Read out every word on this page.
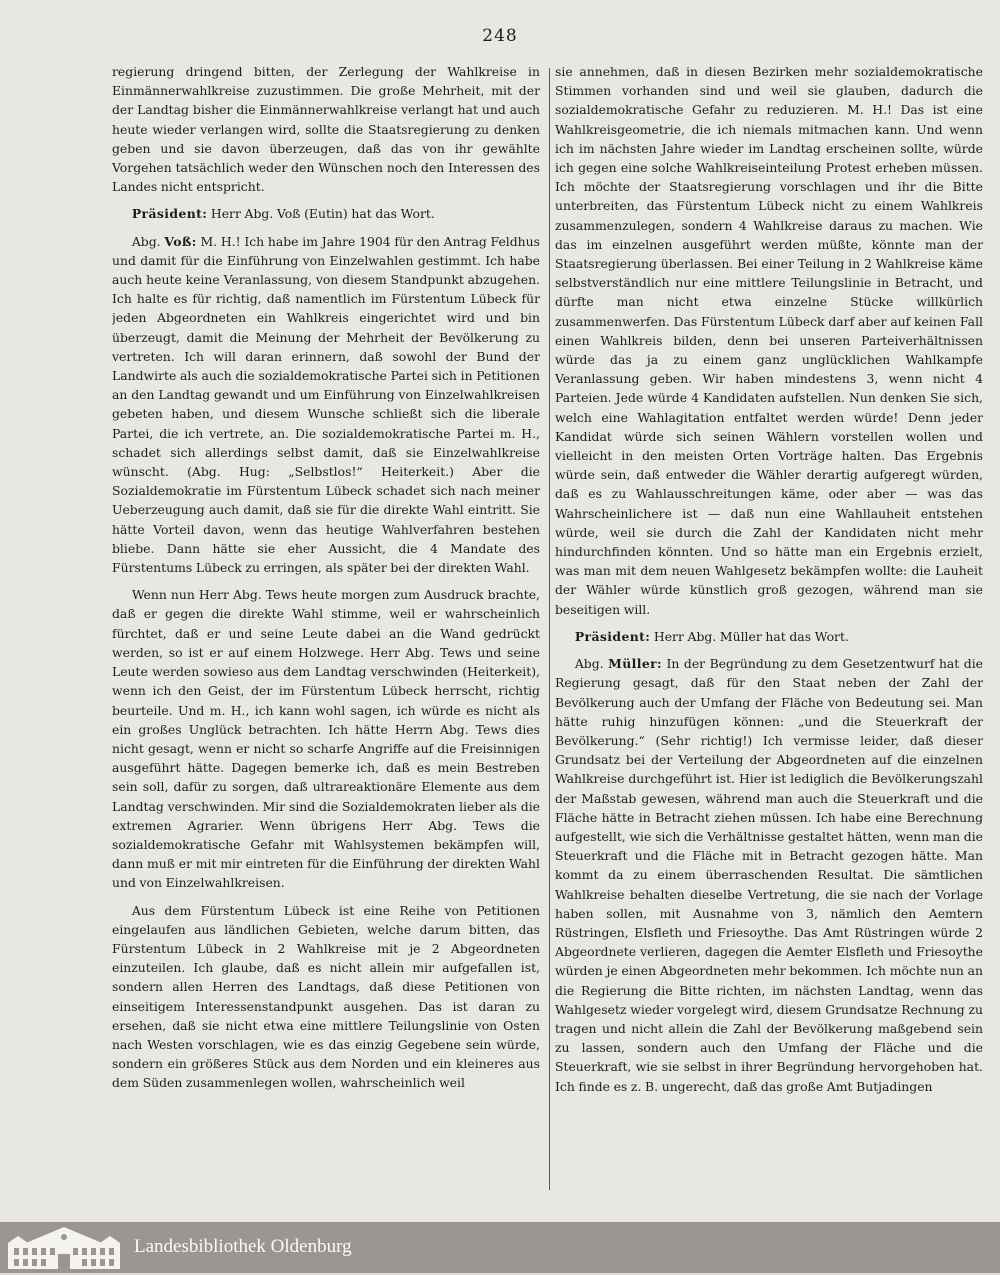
248

regierung dringend bitten, der Zerlegung der Wahlkreise in Einmännerwahlkreise zuzustimmen. Die große Mehrheit, mit der der Landtag bisher die Einmännerwahlkreise verlangt hat und auch heute wieder verlangen wird, sollte die Staatsregierung zu denken geben und sie davon überzeugen, daß das von ihr gewählte Vorgehen tatsächlich weder den Wünschen noch den Interessen des Landes nicht entspricht.

Präsident: Herr Abg. Voß (Eutin) hat das Wort.

Abg. Voß: M. H.! Ich habe im Jahre 1904 für den Antrag Feldhus und damit für die Einführung von Einzelwahlen gestimmt. Ich habe auch heute keine Veranlassung, von diesem Standpunkt abzugehen. Ich halte es für richtig, daß namentlich im Fürstentum Lübeck für jeden Abgeordneten ein Wahlkreis eingerichtet wird und bin überzeugt, damit die Meinung der Mehrheit der Bevölkerung zu vertreten. Ich will daran erinnern, daß sowohl der Bund der Landwirte als auch die sozialdemokratische Partei sich in Petitionen an den Landtag gewandt und um Einführung von Einzelwahlkreisen gebeten haben, und diesem Wunsche schließt sich die liberale Partei, die ich vertrete, an. Die sozialdemokratische Partei m. H., schadet sich allerdings selbst damit, daß sie Einzelwahlkreise wünscht. (Abg. Hug: „Selbstlos!“ Heiterkeit.) Aber die Sozialdemokratie im Fürstentum Lübeck schadet sich nach meiner Ueberzeugung auch damit, daß sie für die direkte Wahl eintritt. Sie hätte Vorteil davon, wenn das heutige Wahlverfahren bestehen bliebe. Dann hätte sie eher Aussicht, die 4 Mandate des Fürstentums Lübeck zu erringen, als später bei der direkten Wahl.

Wenn nun Herr Abg. Tews heute morgen zum Ausdruck brachte, daß er gegen die direkte Wahl stimme, weil er wahrscheinlich fürchtet, daß er und seine Leute dabei an die Wand gedrückt werden, so ist er auf einem Holzwege. Herr Abg. Tews und seine Leute werden sowieso aus dem Landtag verschwinden (Heiterkeit), wenn ich den Geist, der im Fürstentum Lübeck herrscht, richtig beurteile. Und m. H., ich kann wohl sagen, ich würde es nicht als ein großes Unglück betrachten. Ich hätte Herrn Abg. Tews dies nicht gesagt, wenn er nicht so scharfe Angriffe auf die Freisinnigen ausgeführt hätte. Dagegen bemerke ich, daß es mein Bestreben sein soll, dafür zu sorgen, daß ultrareaktionäre Elemente aus dem Landtag verschwinden. Mir sind die Sozialdemokraten lieber als die extremen Agrarier. Wenn übrigens Herr Abg. Tews die sozialdemokratische Gefahr mit Wahlsystemen bekämpfen will, dann muß er mit mir eintreten für die Einführung der direkten Wahl und von Einzelwahlkreisen.

Aus dem Fürstentum Lübeck ist eine Reihe von Petitionen eingelaufen aus ländlichen Gebieten, welche darum bitten, das Fürstentum Lübeck in 2 Wahlkreise mit je 2 Abgeordneten einzuteilen. Ich glaube, daß es nicht allein mir aufgefallen ist, sondern allen Herren des Landtags, daß diese Petitionen von einseitigem Interessenstandpunkt ausgehen. Das ist daran zu ersehen, daß sie nicht etwa eine mittlere Teilungslinie von Osten nach Westen vorschlagen, wie es das einzig Gegebene sein würde, sondern ein größeres Stück aus dem Norden und ein kleineres aus dem Süden zusammenlegen wollen, wahrscheinlich weil

sie annehmen, daß in diesen Bezirken mehr sozialdemokratische Stimmen vorhanden sind und weil sie glauben, dadurch die sozialdemokratische Gefahr zu reduzieren. M. H.! Das ist eine Wahlkreisgeometrie, die ich niemals mitmachen kann. Und wenn ich im nächsten Jahre wieder im Landtag erscheinen sollte, würde ich gegen eine solche Wahlkreiseinteilung Protest erheben müssen. Ich möchte der Staatsregierung vorschlagen und ihr die Bitte unterbreiten, das Fürstentum Lübeck nicht zu einem Wahlkreis zusammenzulegen, sondern 4 Wahlkreise daraus zu machen. Wie das im einzelnen ausgeführt werden müßte, könnte man der Staatsregierung überlassen. Bei einer Teilung in 2 Wahlkreise käme selbstverständlich nur eine mittlere Teilungslinie in Betracht, und dürfte man nicht etwa einzelne Stücke willkürlich zusammenwerfen. Das Fürstentum Lübeck darf aber auf keinen Fall einen Wahlkreis bilden, denn bei unseren Parteiverhältnissen würde das ja zu einem ganz unglücklichen Wahlkampfe Veranlassung geben. Wir haben mindestens 3, wenn nicht 4 Parteien. Jede würde 4 Kandidaten aufstellen. Nun denken Sie sich, welch eine Wahlagitation entfaltet werden würde! Denn jeder Kandidat würde sich seinen Wählern vorstellen wollen und vielleicht in den meisten Orten Vorträge halten. Das Ergebnis würde sein, daß entweder die Wähler derartig aufgeregt würden, daß es zu Wahlausschreitungen käme, oder aber — was das Wahrscheinlichere ist — daß nun eine Wahllauheit entstehen würde, weil sie durch die Zahl der Kandidaten nicht mehr hindurchfinden könnten. Und so hätte man ein Ergebnis erzielt, was man mit dem neuen Wahlgesetz bekämpfen wollte: die Lauheit der Wähler würde künstlich groß gezogen, während man sie beseitigen will.

Präsident: Herr Abg. Müller hat das Wort.

Abg. Müller: In der Begründung zu dem Gesetzentwurf hat die Regierung gesagt, daß für den Staat neben der Zahl der Bevölkerung auch der Umfang der Fläche von Bedeutung sei. Man hätte ruhig hinzufügen können: „und die Steuerkraft der Bevölkerung.“ (Sehr richtig!) Ich vermisse leider, daß dieser Grundsatz bei der Verteilung der Abgeordneten auf die einzelnen Wahlkreise durchgeführt ist. Hier ist lediglich die Bevölkerungszahl der Maßstab gewesen, während man auch die Steuerkraft und die Fläche hätte in Betracht ziehen müssen. Ich habe eine Berechnung aufgestellt, wie sich die Verhältnisse gestaltet hätten, wenn man die Steuerkraft und die Fläche mit in Betracht gezogen hätte. Man kommt da zu einem überraschenden Resultat. Die sämtlichen Wahlkreise behalten dieselbe Vertretung, die sie nach der Vorlage haben sollen, mit Ausnahme von 3, nämlich den Aemtern Rüstringen, Elsfleth und Friesoythe. Das Amt Rüstringen würde 2 Abgeordnete verlieren, dagegen die Aemter Elsfleth und Friesoythe würden je einen Abgeordneten mehr bekommen. Ich möchte nun an die Regierung die Bitte richten, im nächsten Landtag, wenn das Wahlgesetz wieder vorgelegt wird, diesem Grundsatze Rechnung zu tragen und nicht allein die Zahl der Bevölkerung maßgebend sein zu lassen, sondern auch den Umfang der Fläche und die Steuerkraft, wie sie selbst in ihrer Begründung hervorgehoben hat. Ich finde es z. B. ungerecht, daß das große Amt Butjadingen

Landesbibliothek Oldenburg
